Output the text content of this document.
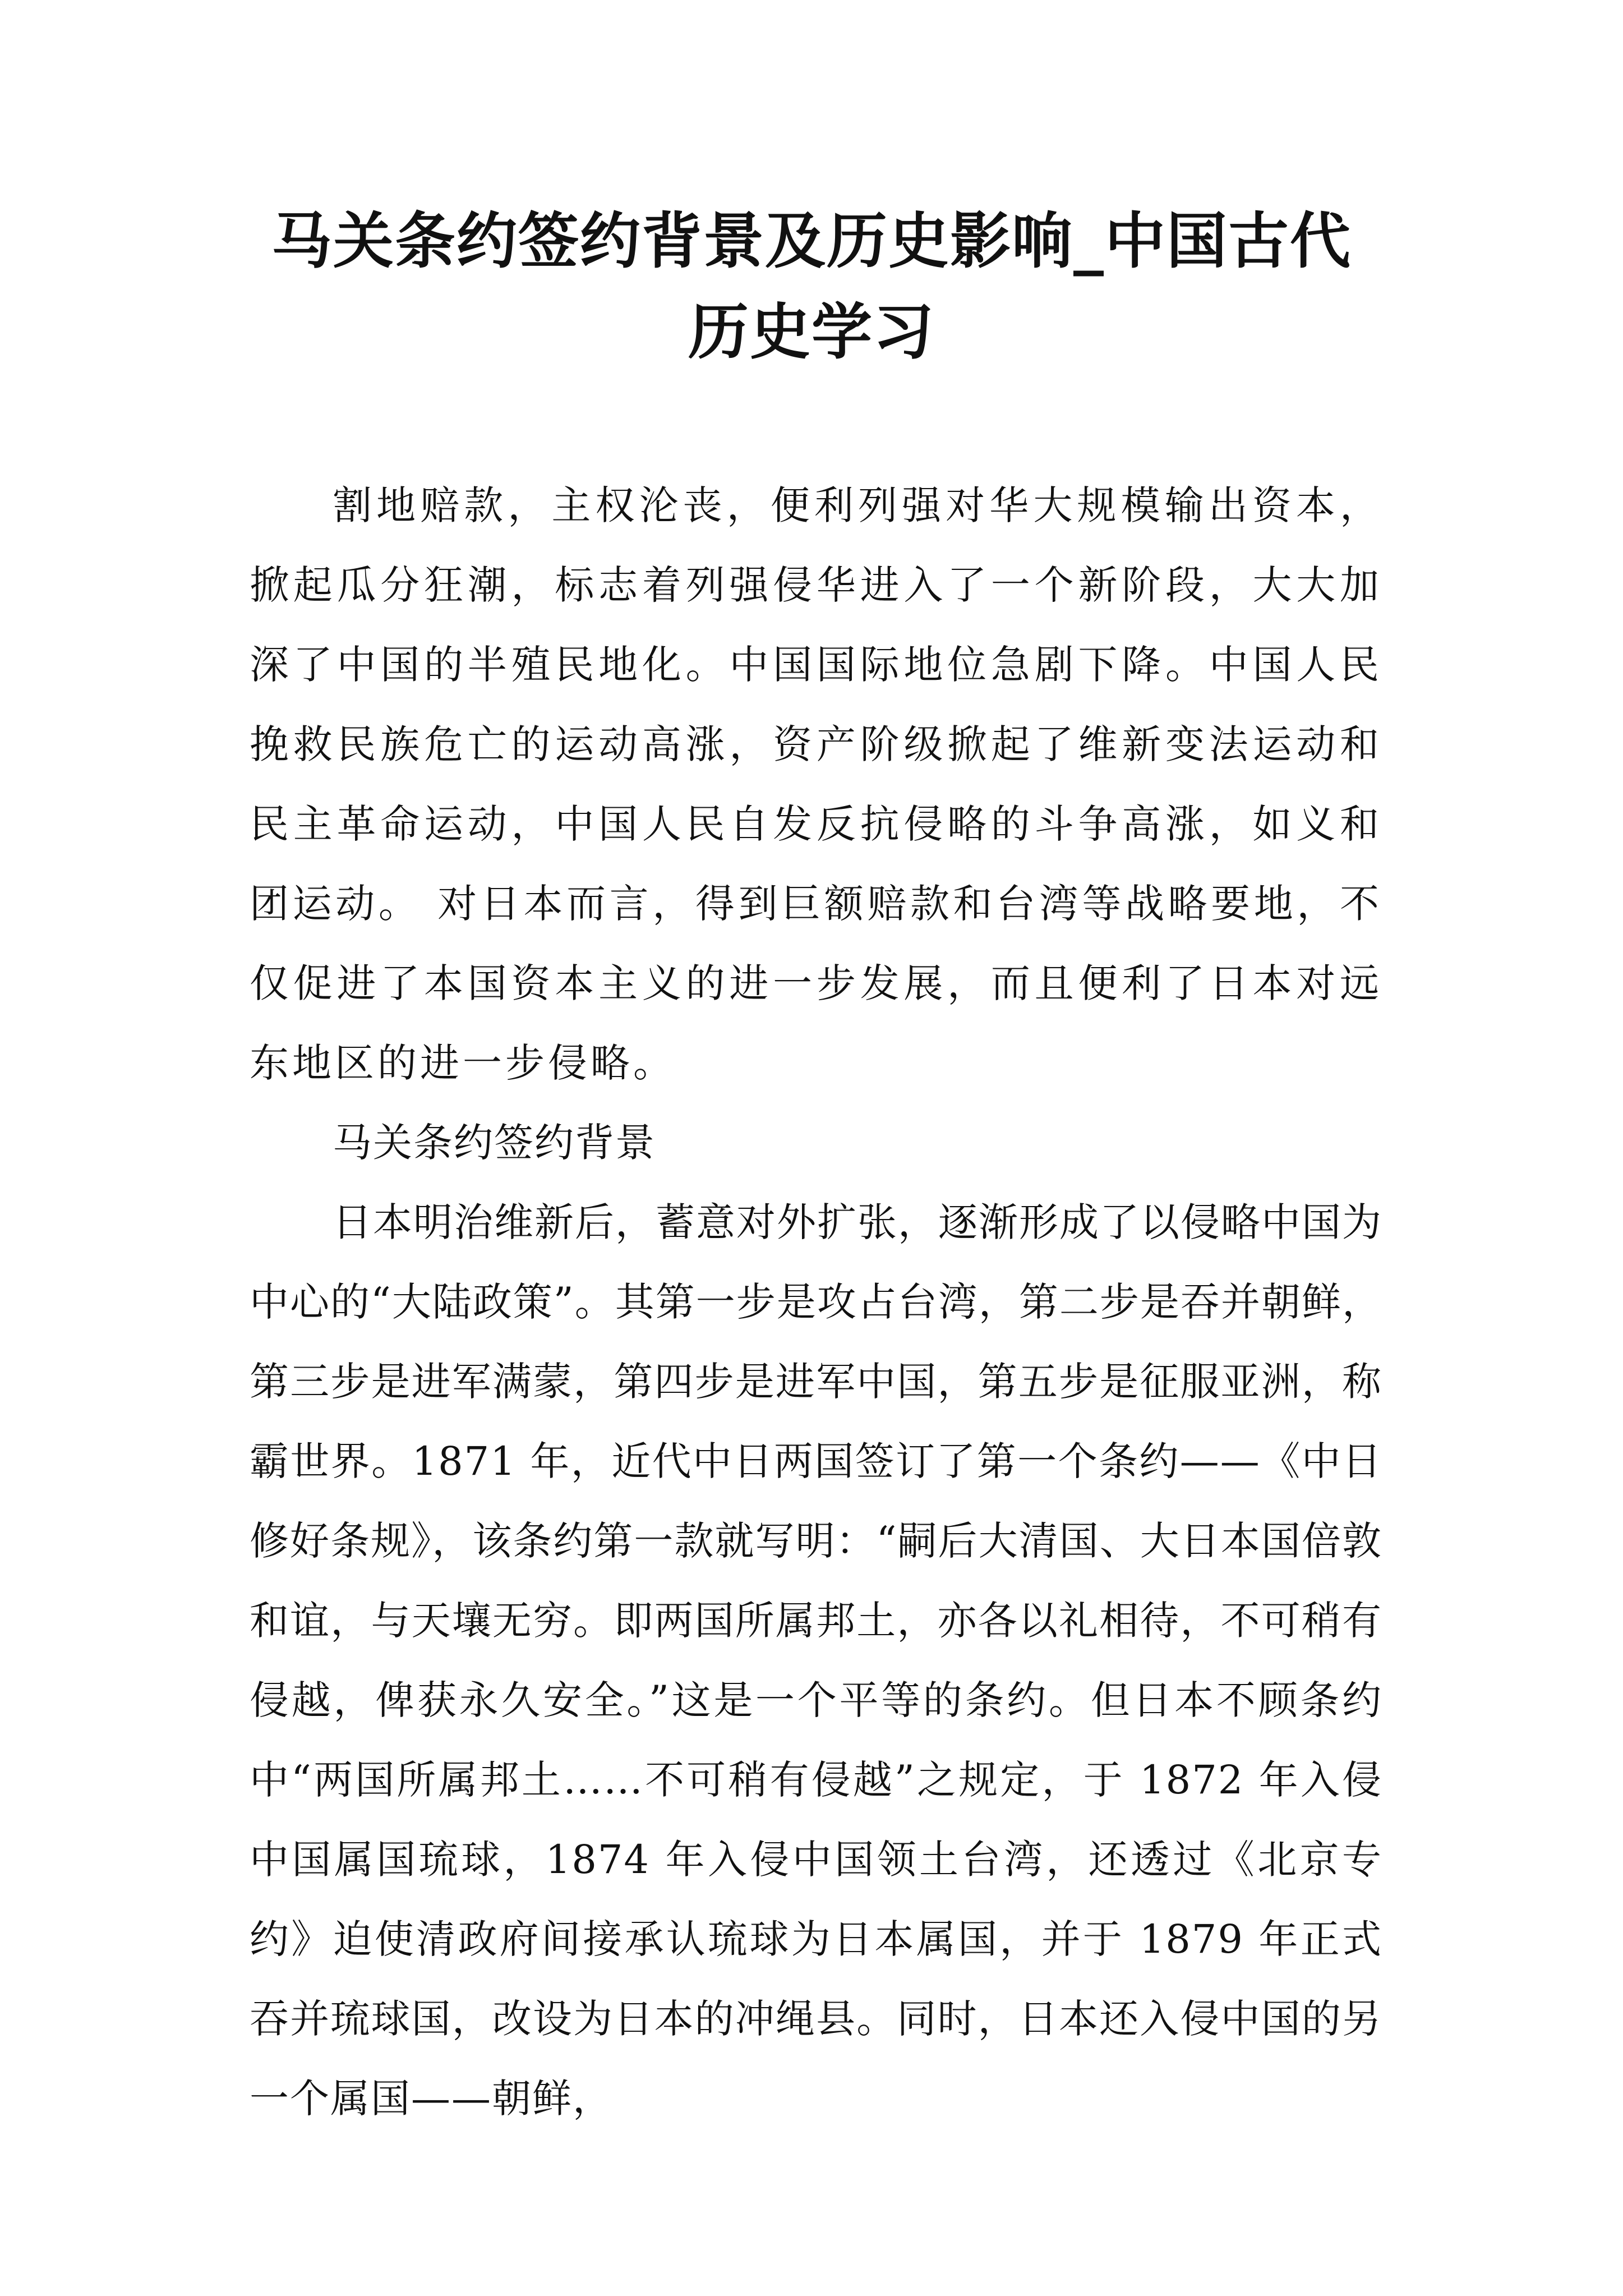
马关条约签约背景及历史影响_中国古代历史学习

割地赔款，主权沦丧，便利列强对华大规模输出资本，掀起瓜分狂潮，标志着列强侵华进入了一个新阶段，大大加深了中国的半殖民地化。中国国际地位急剧下降。中国人民挽救民族危亡的运动高涨，资产阶级掀起了维新变法运动和民主革命运动，中国人民自发反抗侵略的斗争高涨，如义和团运动。 对日本而言，得到巨额赔款和台湾等战略要地，不仅促进了本国资本主义的进一步发展，而且便利了日本对远东地区的进一步侵略。

马关条约签约背景

日本明治维新后，蓄意对外扩张，逐渐形成了以侵略中国为中心的“大陆政策”。其第一步是攻占台湾，第二步是吞并朝鲜，第三步是进军满蒙，第四步是进军中国，第五步是征服亚洲，称霸世界。1871 年，近代中日两国签订了第一个条约——《中日修好条规》，该条约第一款就写明：“嗣后大清国、大日本国倍敦和谊，与天壤无穷。即两国所属邦土，亦各以礼相待，不可稍有侵越，俾获永久安全。”这是一个平等的条约。但日本不顾条约中“两国所属邦土……不可稍有侵越”之规定，于 1872 年入侵中国属国琉球，1874 年入侵中国领土台湾，还透过《北京专约》迫使清政府间接承认琉球为日本属国，并于 1879 年正式吞并琉球国，改设为日本的冲绳县。同时，日本还入侵中国的另一个属国——朝鲜，
